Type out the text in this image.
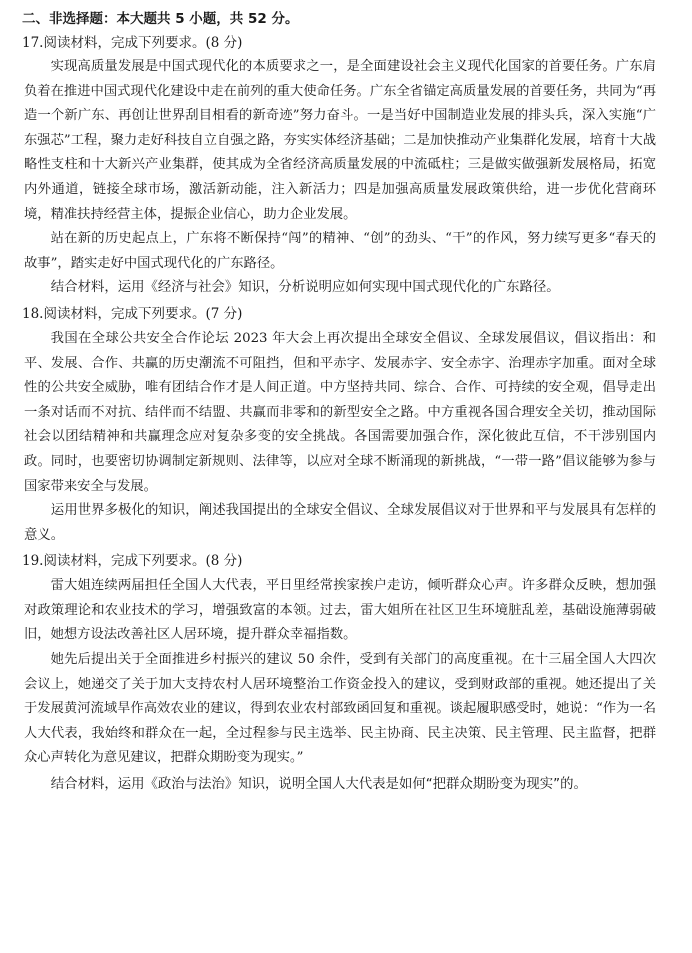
二、非选择题：本大题共 5 小题，共 52 分。
17.阅读材料，完成下列要求。(8 分)

实现高质量发展是中国式现代化的本质要求之一，是全面建设社会主义现代化国家的首要任务。广东肩负着在推进中国式现代化建设中走在前列的重大使命任务。广东全省锚定高质量发展的首要任务，共同为“再造一个新广东、再创让世界刮目相看的新奇迹”努力奋斗。一是当好中国制造业发展的排头兵，深入实施“广东强芯”工程，聚力走好科技自立自强之路，夯实实体经济基础；二是加快推动产业集群化发展，培育十大战略性支柱和十大新兴产业集群，使其成为全省经济高质量发展的中流砥柱；三是做实做强新发展格局，拓宽内外通道，链接全球市场，激活新动能，注入新活力；四是加强高质量发展政策供给，进一步优化营商环境，精准扶持经营主体，提振企业信心，助力企业发展。

站在新的历史起点上，广东将不断保持“闯”的精神、“创”的劲头、“干”的作风，努力续写更多“春天的故事”，踏实走好中国式现代化的广东路径。

结合材料，运用《经济与社会》知识，分析说明应如何实现中国式现代化的广东路径。

18.阅读材料，完成下列要求。(7 分)

我国在全球公共安全合作论坛 2023 年大会上再次提出全球安全倡议、全球发展倡议，倡议指出：和平、发展、合作、共赢的历史潮流不可阻挡，但和平赤字、发展赤字、安全赤字、治理赤字加重。面对全球性的公共安全威胁，唯有团结合作才是人间正道。中方坚持共同、综合、合作、可持续的安全观，倡导走出一条对话而不对抗、结伴而不结盟、共赢而非零和的新型安全之路。中方重视各国合理安全关切，推动国际社会以团结精神和共赢理念应对复杂多变的安全挑战。各国需要加强合作，深化彼此互信，不干涉别国内政。同时，也要密切协调制定新规则、法律等，以应对全球不断涌现的新挑战，“一带一路”倡议能够为参与国家带来安全与发展。

运用世界多极化的知识，阐述我国提出的全球安全倡议、全球发展倡议对于世界和平与发展具有怎样的意义。

19.阅读材料，完成下列要求。(8 分)

雷大姐连续两届担任全国人大代表，平日里经常挨家挨户走访，倾听群众心声。许多群众反映，想加强对政策理论和农业技术的学习，增强致富的本领。过去，雷大姐所在社区卫生环境脏乱差，基础设施薄弱破旧，她想方设法改善社区人居环境，提升群众幸福指数。

她先后提出关于全面推进乡村振兴的建议 50 余件，受到有关部门的高度重视。在十三届全国人大四次会议上，她递交了关于加大支持农村人居环境整治工作资金投入的建议，受到财政部的重视。她还提出了关于发展黄河流域旱作高效农业的建议，得到农业农村部致函回复和重视。谈起履职感受时，她说：“作为一名人大代表，我始终和群众在一起，全过程参与民主选举、民主协商、民主决策、民主管理、民主监督，把群众心声转化为意见建议，把群众期盼变为现实。”

结合材料，运用《政治与法治》知识，说明全国人大代表是如何“把群众期盼变为现实”的。
